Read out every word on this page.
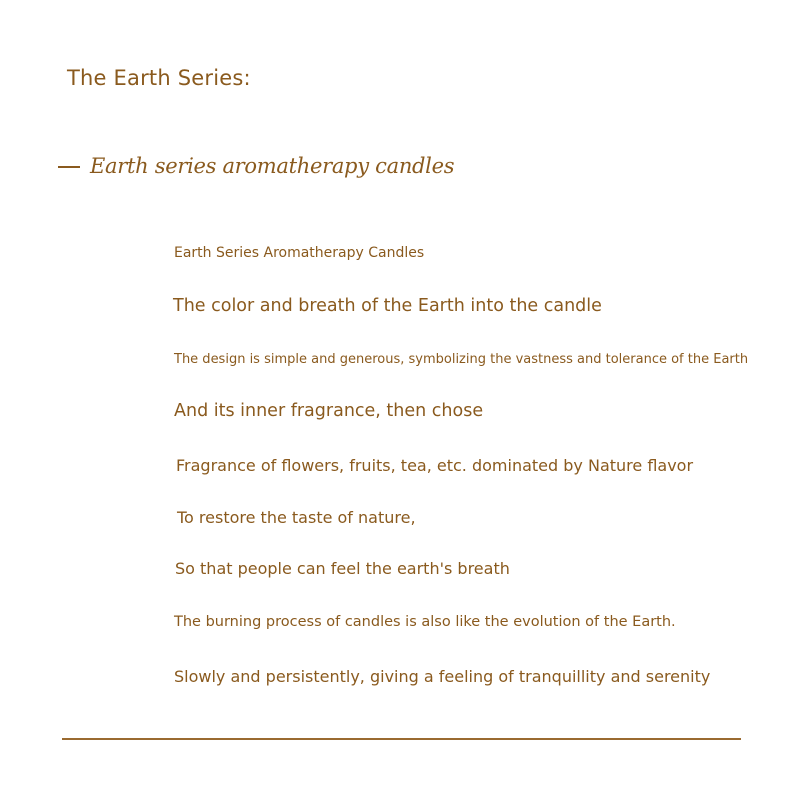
The Earth Series:
Earth series aromatherapy candles
Earth Series Aromatherapy Candles
The color and breath of the Earth into the candle
The design is simple and generous, symbolizing the vastness and tolerance of the Earth
And its inner fragrance, then chose
Fragrance of flowers, fruits, tea, etc. dominated by Nature flavor
To restore the taste of nature,
So that people can feel the earth's breath
The burning process of candles is also like the evolution of the Earth.
Slowly and persistently, giving a feeling of tranquillity and serenity
